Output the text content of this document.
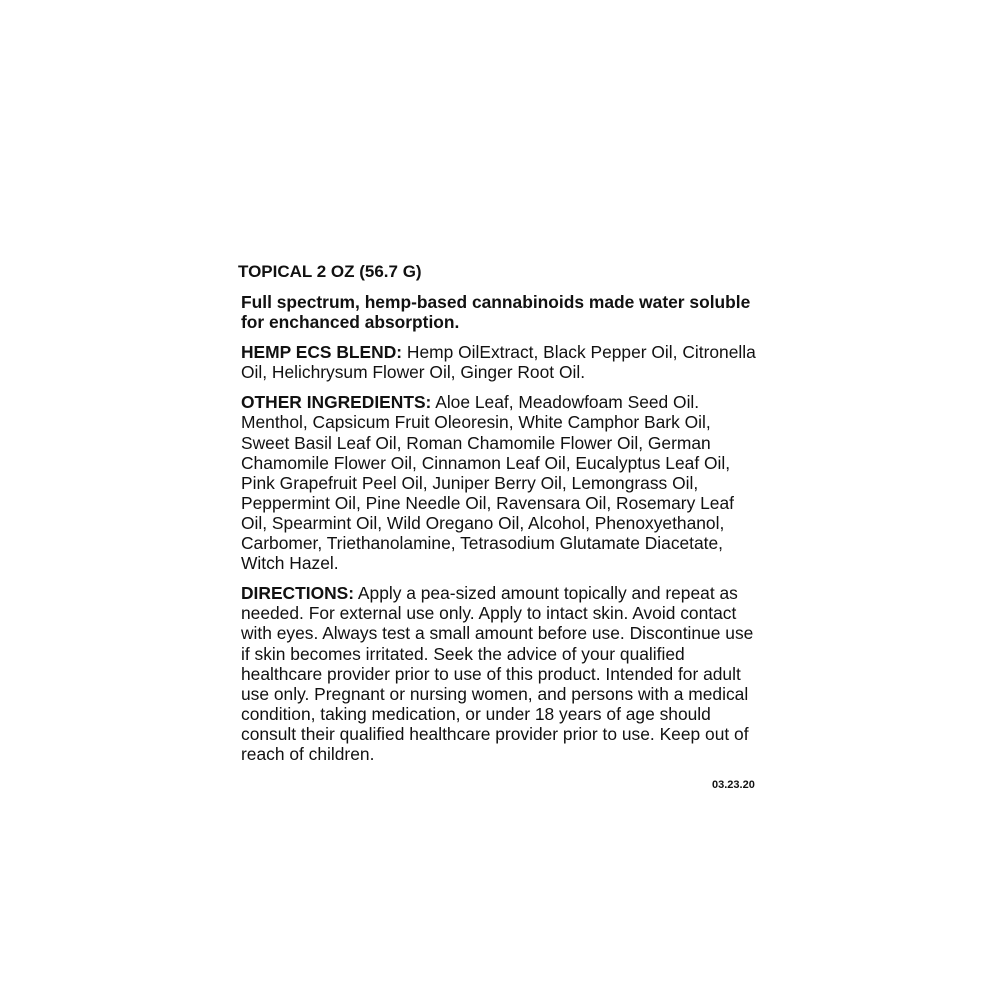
TOPICAL 2 OZ (56.7 G)
Full spectrum, hemp-based cannabinoids made water soluble for enchanced absorption.
HEMP ECS BLEND: Hemp OilExtract, Black Pepper Oil, Citronella Oil, Helichrysum Flower Oil, Ginger Root Oil.
OTHER INGREDIENTS: Aloe Leaf, Meadowfoam Seed Oil. Menthol, Capsicum Fruit Oleoresin, White Camphor Bark Oil, Sweet Basil Leaf Oil, Roman Chamomile Flower Oil, German Chamomile Flower Oil, Cinnamon Leaf Oil, Eucalyptus Leaf Oil, Pink Grapefruit Peel Oil, Juniper Berry Oil, Lemongrass Oil, Peppermint Oil, Pine Needle Oil, Ravensara Oil, Rosemary Leaf Oil, Spearmint Oil, Wild Oregano Oil, Alcohol, Phenoxyethanol, Carbomer, Triethanolamine, Tetrasodium Glutamate Diacetate, Witch Hazel.
DIRECTIONS: Apply a pea-sized amount topically and repeat as needed. For external use only. Apply to intact skin. Avoid contact with eyes. Always test a small amount before use. Discontinue use if skin becomes irritated. Seek the advice of your qualified healthcare provider prior to use of this product. Intended for adult use only. Pregnant or nursing women, and persons with a medical condition, taking medication, or under 18 years of age should consult their qualified healthcare provider prior to use. Keep out of reach of children.
03.23.20
